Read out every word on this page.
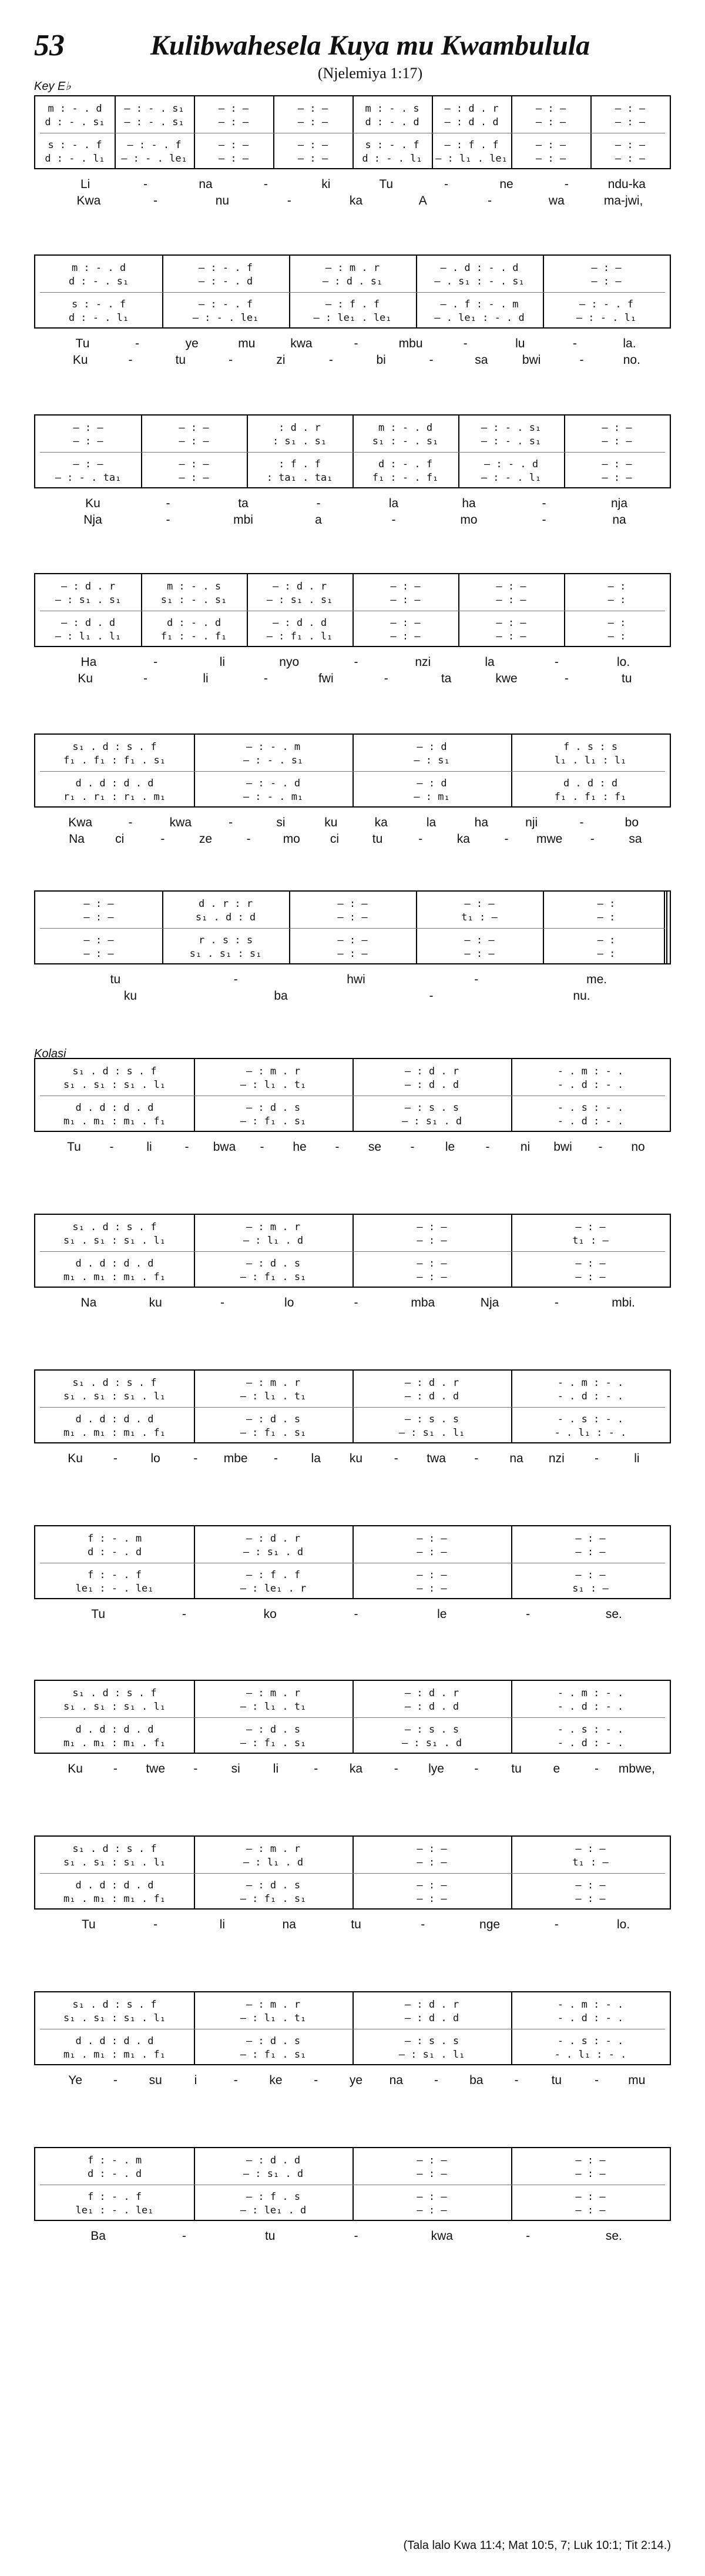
53	Kulibwahesela Kuya mu Kwambulula
(Njelemiya 1:17)
Key E♭
Kolasi
(Tala lalo Kwa 11:4; Mat 10:5, 7; Luk 10:1; Tit 2:14.)
m : - . d	— : - . s₁	— : —	— : —	m : - . s	— : d . r	— : —	— : —
d : - . s₁	— : - . s₁	— : —	— : —	d : - . d	— : d . d	— : —	— : —
s : - . f	— : - . f	— : —	— : —	s : - . f	— : f . f	— : —	— : —
d : - . l₁	— : - . le₁	— : —	— : —	d : - . l₁	— : l₁ . le₁	— : —	— : —
Li	-	na	-	ki	Tu	-	ne	-	ndu-ka
Kwa	-	nu	-	ka	A	-	wa	ma-jwi,
m : - . d	— : - . f	— : m . r	— . d : - . d	— : —
d : - . s₁	— : - . d	— : d . s₁	— . s₁ : - . s₁	— : —
s : - . f	— : - . f	— : f . f	— . f : - . m	— : - . f
d : - . l₁	— : - . le₁	— : le₁ . le₁	— . le₁ : - . d	— : - . l₁
Tu	-	ye	mu	kwa	-	mbu	-	lu	-	la.
Ku	-	tu	-	zi	-	bi	-	sa	bwi	-	no.
— : —	— : —	: d . r	m : - . d	— : - . s₁	— : —
— : —	— : —	: s₁ . s₁	s₁ : - . s₁	— : - . s₁	— : —
— : —	— : —	: f . f	d : - . f	— : - . d	— : —
— : - . ta₁	— : —	: ta₁ . ta₁	f₁ : - . f₁	— : - . l₁	— : —
Ku	-	ta	-	la	ha	-	nja
Nja	-	mbi	a	-	mo	-	na
— : d . r	m : - . s	— : d . r	— : —	— : —	— :
— : s₁ . s₁	s₁ : - . s₁	— : s₁ . s₁	— : —	— : —	— :
— : d . d	d : - . d	— : d . d	— : —	— : —	— :
— : l₁ . l₁	f₁ : - . f₁	— : f₁ . l₁	— : —	— : —	— :
Ha	-	li	nyo	-	nzi	la	-	lo.
Ku	-	li	-	fwi	-	ta	kwe	-	tu
s₁ . d : s . f	— : - . m	— : d	f . s : s
f₁ . f₁ : f₁ . s₁	— : - . s₁	— : s₁	l₁ . l₁ : l₁
d . d : d . d	— : - . d	— : d	d . d : d
r₁ . r₁ : r₁ . m₁	— : - . m₁	— : m₁	f₁ . f₁ : f₁
Kwa	-	kwa	-	si	ku	ka	la	ha	nji	-	bo
Na ci	-	ze	-	mo ci	tu	-	ka	- mwe -	sa
— : —	d . r : r	— : —	— : —	— :
— : —	s₁ . d : d	— : —	t₁ : —	— :
— : —	r . s : s	— : —	— : —	— :
— : —	s₁ . s₁ : s₁	— : —	— : —	— :
tu	-	hwi	-	me.
ku	ba	-	nu.
s₁ . d : s . f	— : m . r	— : d . r	- . m : - .
s₁ . s₁ : s₁ . l₁	— : l₁ . t₁	— : d . d	- . d : - .
d . d : d . d	— : d . s	— : s . s	- . s : - .
m₁ . m₁ : m₁ . f₁	— : f₁ . s₁	— : s₁ . d	- . d : - .
Tu -	li	- bwa - he - se - le - ni bwi - no
s₁ . d : s . f	— : m . r	— : —	— : —
s₁ . s₁ : s₁ . l₁	— : l₁ . d	— : —	t₁ : —
d . d : d . d	— : d . s	— : —	— : —
m₁ . m₁ : m₁ . f₁	— : f₁ . s₁	— : —	— : —
Na	ku	-	lo	-	mba	Nja	-	mbi.
s₁ . d : s . f	— : m . r	— : d . r	- . m : - .
s₁ . s₁ : s₁ . l₁	— : l₁ . t₁	— : d . d	- . d : - .
d . d : d . d	— : d . s	— : s . s	- . s : - .
m₁ . m₁ : m₁ . f₁	— : f₁ . s₁	— : s₁ . l₁	- . l₁ : - .
Ku -	lo	- mbe -	la ku	- twa -	na nzi -	li
f : - . m	— : d . r	— : —	— : —
d : - . d	— : s₁ . d	— : —	— : —
f : - . f	— : f . f	— : —	— : —
le₁ : - . le₁	— : le₁ . r	— : —	s₁ : —
Tu	-	ko	-	le	-	se.
s₁ . d : s . f	— : m . r	— : d . r	- . m : - .
s₁ . s₁ : s₁ . l₁	— : l₁ . t₁	— : d . d	- . d : - .
d . d : d . d	— : d . s	— : s . s	- . s : - .
m₁ . m₁ : m₁ . f₁	— : f₁ . s₁	— : s₁ . d	- . d : - .
Ku - twe -	si	li	-	ka	- lye -	tu	e	- mbwe,
s₁ . d : s . f	— : m . r	— : —	— : —
s₁ . s₁ : s₁ . l₁	— : l₁ . d	— : —	t₁ : —
d . d : d . d	— : d . s	— : —	— : —
m₁ . m₁ : m₁ . f₁	— : f₁ . s₁	— : —	— : —
Tu	-	li	na	tu	-	nge	-	lo.
s₁ . d : s . f	— : m . r	— : d . r	- . m : - .
s₁ . s₁ : s₁ . l₁	— : l₁ . t₁	— : d . d	- . d : - .
d . d : d . d	— : d . s	— : s . s	- . s : - .
m₁ . m₁ : m₁ . f₁	— : f₁ . s₁	— : s₁ . l₁	- . l₁ : - .
Ye	-	su	i	-	ke	-	ye na	-	ba	-	tu	- mu
f : - . m	— : d . d	— : —	— : —
d : - . d	— : s₁ . d	— : —	— : —
f : - . f	— : f . s	— : —	— : —
le₁ : - . le₁	— : le₁ . d	— : —	— : —
Ba	-	tu	-	kwa	-	se.
